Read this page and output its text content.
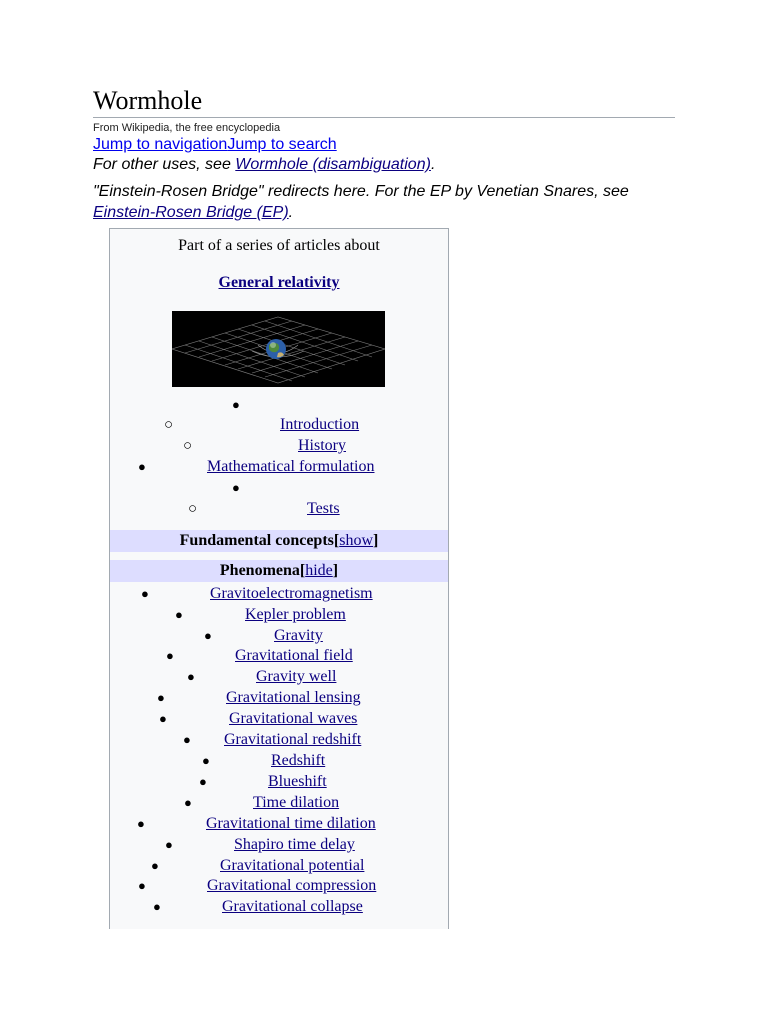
Wormhole
From Wikipedia, the free encyclopedia
Jump to navigationJump to search
For other uses, see Wormhole (disambiguation).
"Einstein-Rosen Bridge" redirects here. For the EP by Venetian Snares, see Einstein-Rosen Bridge (EP).
Part of a series of articles about
General relativity
●
○	Introduction
○	History
●	Mathematical formulation
●
○	Tests
Fundamental concepts[show]
Phenomena[hide]
●	Gravitoelectromagnetism
●	Kepler problem
●	Gravity
●	Gravitational field
●	Gravity well
●	Gravitational lensing
●	Gravitational waves
● Gravitational redshift
●	Redshift
●	Blueshift
●	Time dilation
●	Gravitational time dilation
●	Shapiro time delay
●	Gravitational potential
●	Gravitational compression
●	Gravitational collapse
